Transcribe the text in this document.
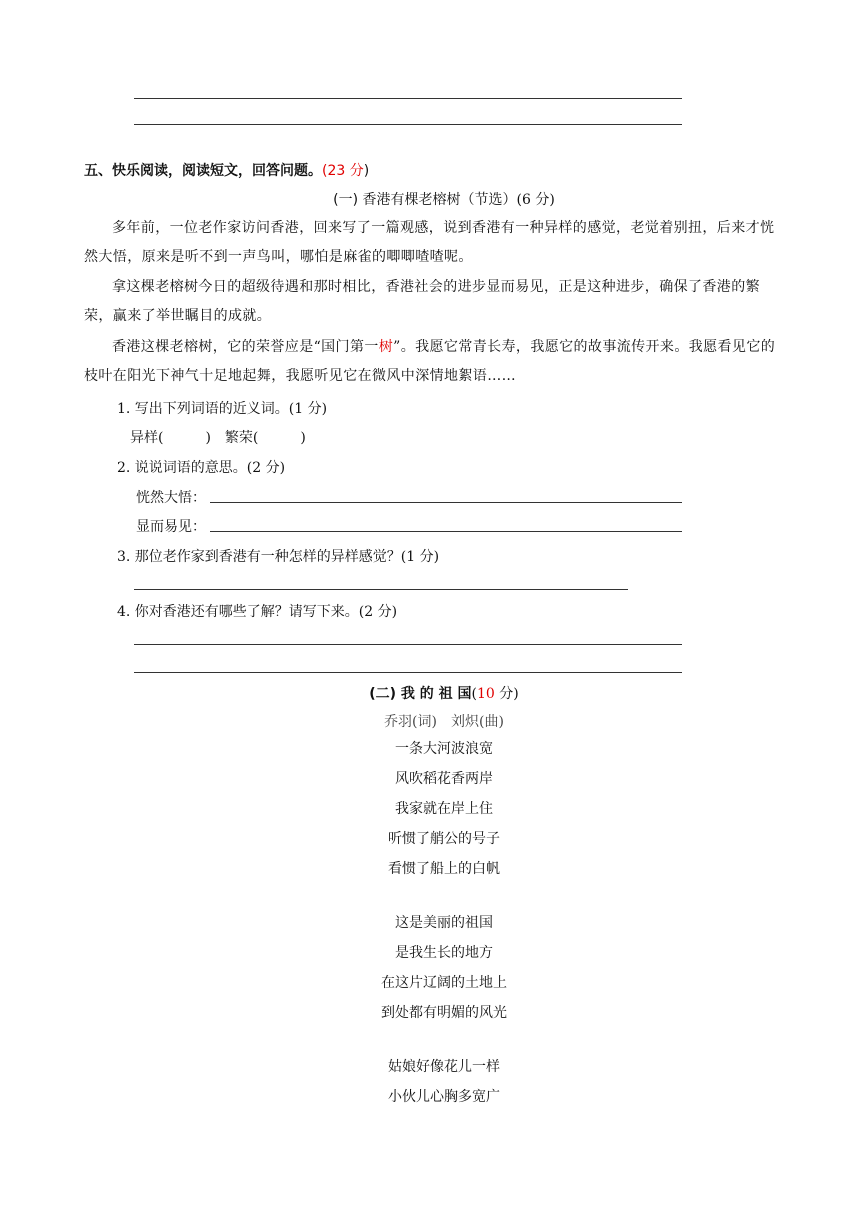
五、快乐阅读，阅读短文，回答问题。(23 分)
(一) 香港有棵老榕树（节选）(6 分)
多年前，一位老作家访问香港，回来写了一篇观感，说到香港有一种异样的感觉，老觉着别扭，后来才恍然大悟，原来是听不到一声鸟叫，哪怕是麻雀的唧唧喳喳呢。
拿这棵老榕树今日的超级待遇和那时相比，香港社会的进步显而易见，正是这种进步，确保了香港的繁荣，赢来了举世瞩目的成就。
香港这棵老榕树，它的荣誉应是“国门第一树”。我愿它常青长寿，我愿它的故事流传开来。我愿看见它的枝叶在阳光下神气十足地起舞，我愿听见它在微风中深情地絮语……
1. 写出下列词语的近义词。(1 分)
异样(　　　)　繁荣(　　　)
2. 说说词语的意思。(2 分)
恍然大悟：
显而易见：
3. 那位老作家到香港有一种怎样的异样感觉？(1 分)
4. 你对香港还有哪些了解？请写下来。(2 分)
(二) 我 的 祖 国(10 分)
乔羽(词)　刘炽(曲)
一条大河波浪宽
风吹稻花香两岸
我家就在岸上住
听惯了艄公的号子
看惯了船上的白帆
这是美丽的祖国
是我生长的地方
在这片辽阔的土地上
到处都有明媚的风光
姑娘好像花儿一样
小伙儿心胸多宽广
